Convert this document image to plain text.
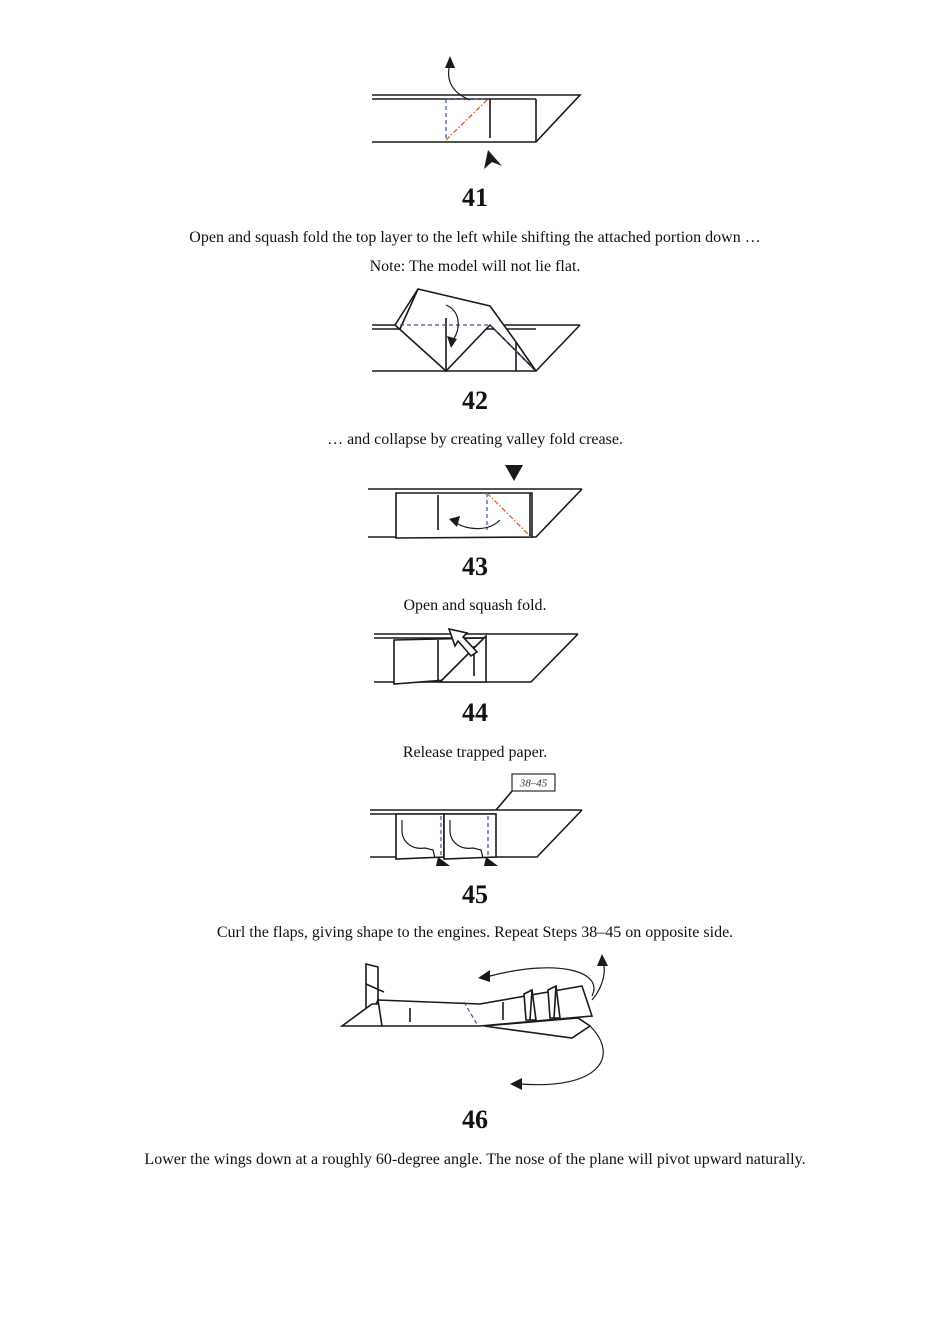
41
Open and squash fold the top layer to the left while shifting the attached portion down …
Note: The model will not lie flat.
42
… and collapse by creating valley fold crease.
43
Open and squash fold.
44
Release trapped paper.
38–45
45
Curl the flaps, giving shape to the engines. Repeat Steps 38–45 on opposite side.
46
Lower the wings down at a roughly 60-degree angle. The nose of the plane will pivot upward naturally.
